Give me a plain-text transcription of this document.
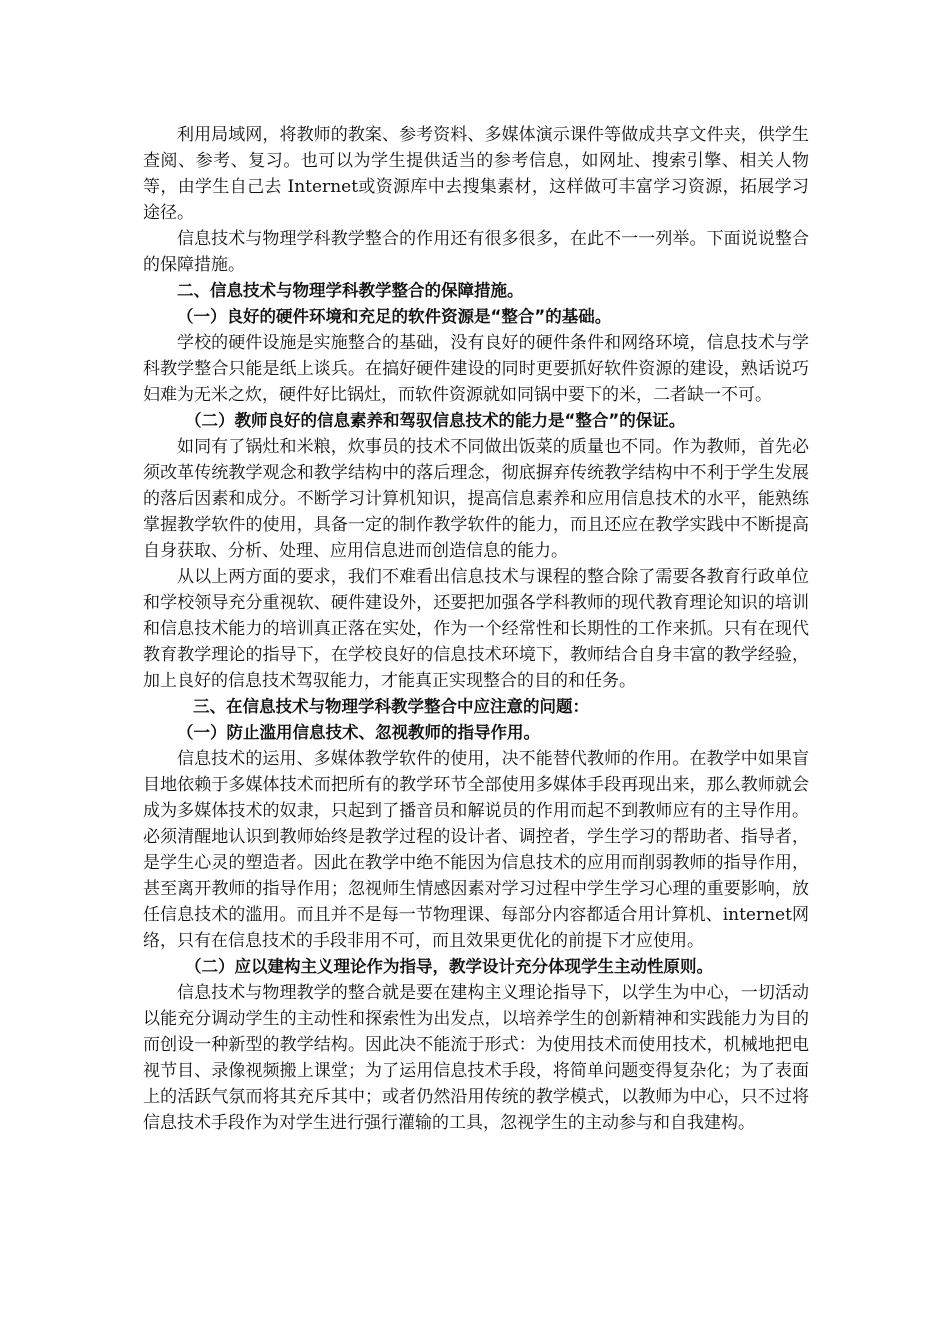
利用局域网，将教师的教案、参考资料、多媒体演示课件等做成共享文件夹，供学生查阅、参考、复习。也可以为学生提供适当的参考信息，如网址、搜索引擎、相关人物等，由学生自己去 Internet或资源库中去搜集素材，这样做可丰富学习资源，拓展学习途径。

信息技术与物理学科教学整合的作用还有很多很多，在此不一一列举。下面说说整合的保障措施。

二、信息技术与物理学科教学整合的保障措施。

（一）良好的硬件环境和充足的软件资源是“整合”的基础。

学校的硬件设施是实施整合的基础，没有良好的硬件条件和网络环境，信息技术与学科教学整合只能是纸上谈兵。在搞好硬件建设的同时更要抓好软件资源的建设，熟话说巧妇难为无米之炊，硬件好比锅灶，而软件资源就如同锅中要下的米，二者缺一不可。

（二）教师良好的信息素养和驾驭信息技术的能力是“整合”的保证。

如同有了锅灶和米粮，炊事员的技术不同做出饭菜的质量也不同。作为教师，首先必须改革传统教学观念和教学结构中的落后理念，彻底摒弃传统教学结构中不利于学生发展的落后因素和成分。不断学习计算机知识，提高信息素养和应用信息技术的水平，能熟练掌握教学软件的使用，具备一定的制作教学软件的能力，而且还应在教学实践中不断提高自身获取、分析、处理、应用信息进而创造信息的能力。

从以上两方面的要求，我们不难看出信息技术与课程的整合除了需要各教育行政单位和学校领导充分重视软、硬件建设外，还要把加强各学科教师的现代教育理论知识的培训和信息技术能力的培训真正落在实处，作为一个经常性和长期性的工作来抓。只有在现代教育教学理论的指导下，在学校良好的信息技术环境下，教师结合自身丰富的教学经验，加上良好的信息技术驾驭能力，才能真正实现整合的目的和任务。

三、在信息技术与物理学科教学整合中应注意的问题：

（一）防止滥用信息技术、忽视教师的指导作用。

信息技术的运用、多媒体教学软件的使用，决不能替代教师的作用。在教学中如果盲目地依赖于多媒体技术而把所有的教学环节全部使用多媒体手段再现出来，那么教师就会成为多媒体技术的奴隶，只起到了播音员和解说员的作用而起不到教师应有的主导作用。必须清醒地认识到教师始终是教学过程的设计者、调控者，学生学习的帮助者、指导者，是学生心灵的塑造者。因此在教学中绝不能因为信息技术的应用而削弱教师的指导作用，甚至离开教师的指导作用；忽视师生情感因素对学习过程中学生学习心理的重要影响，放任信息技术的滥用。而且并不是每一节物理课、每部分内容都适合用计算机、internet网络，只有在信息技术的手段非用不可，而且效果更优化的前提下才应使用。

（二）应以建构主义理论作为指导，教学设计充分体现学生主动性原则。

信息技术与物理教学的整合就是要在建构主义理论指导下，以学生为中心，一切活动以能充分调动学生的主动性和探索性为出发点，以培养学生的创新精神和实践能力为目的而创设一种新型的教学结构。因此决不能流于形式：为使用技术而使用技术，机械地把电视节目、录像视频搬上课堂；为了运用信息技术手段，将简单问题变得复杂化；为了表面上的活跃气氛而将其充斥其中；或者仍然沿用传统的教学模式，以教师为中心，只不过将信息技术手段作为对学生进行强行灌输的工具，忽视学生的主动参与和自我建构。
